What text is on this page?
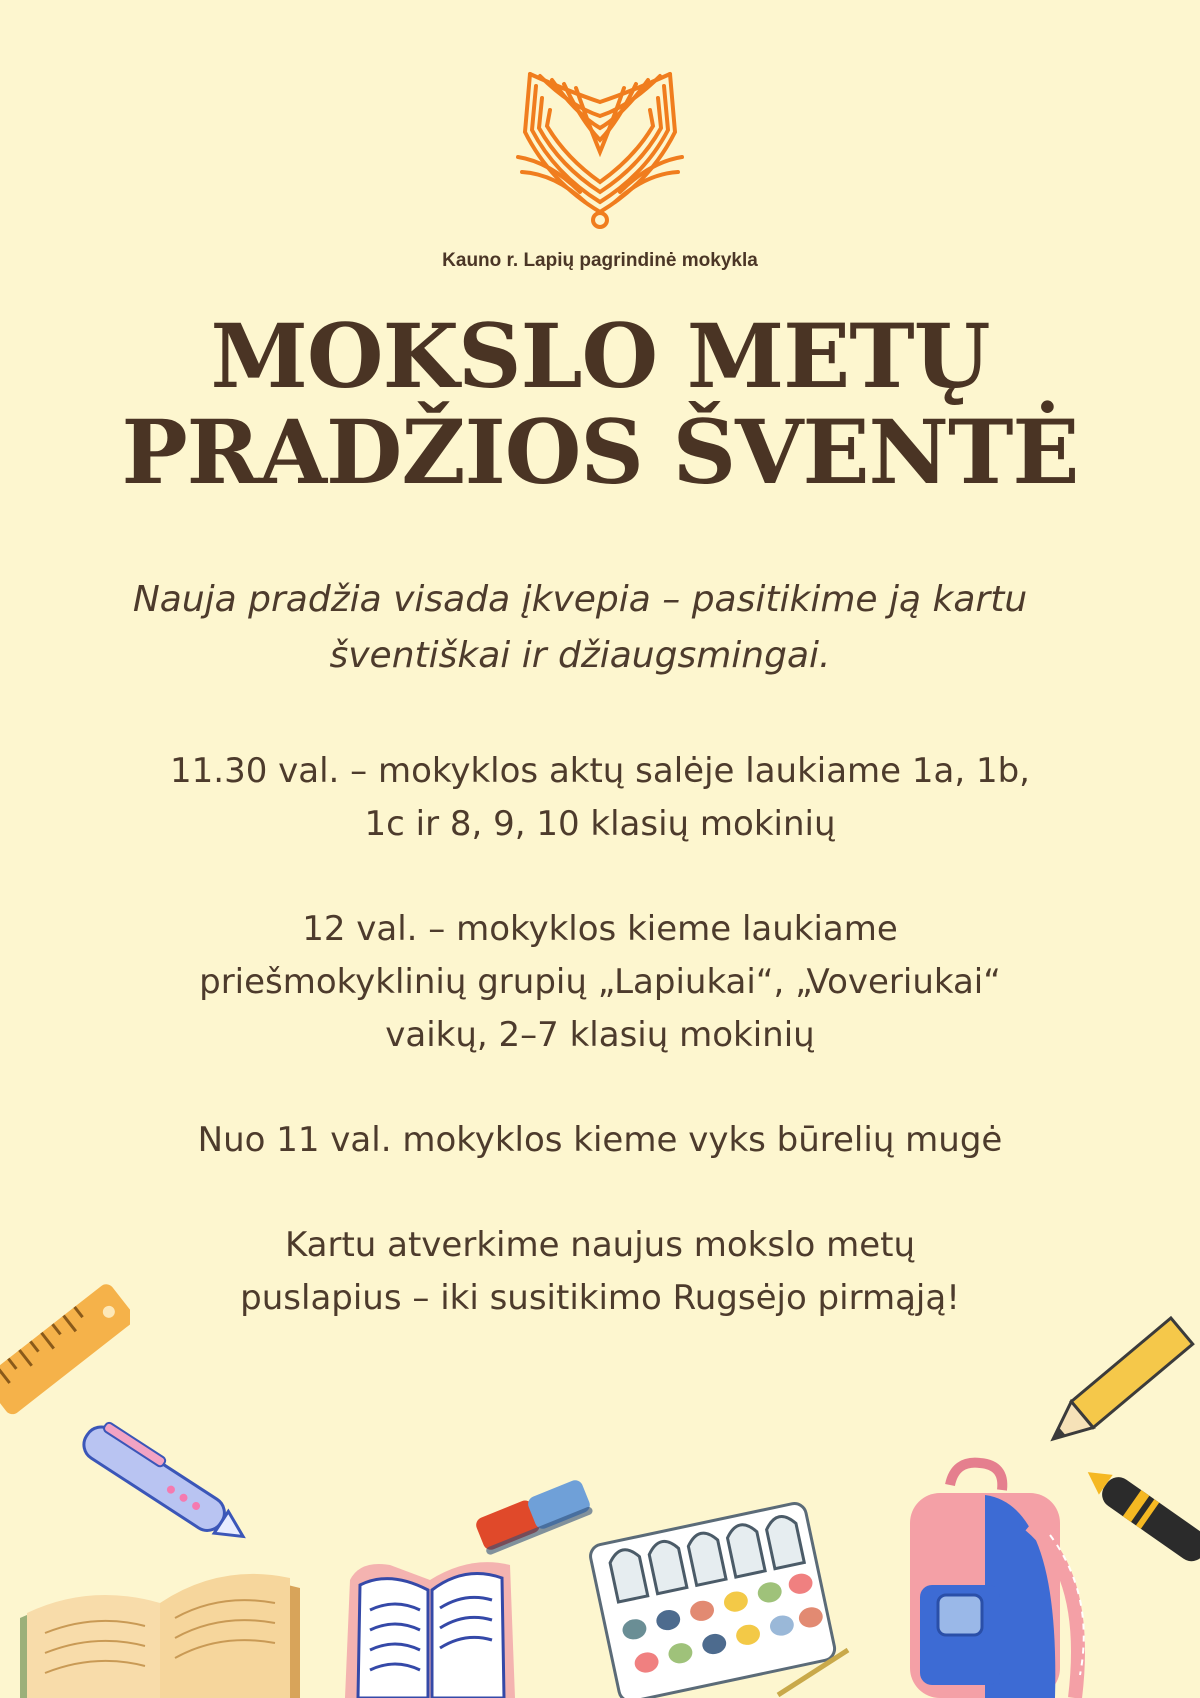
Kauno r. Lapių pagrindinė mokykla
MOKSLO METŲ
PRADŽIOS ŠVENTĖ
Nauja pradžia visada įkvepia – pasitikime ją kartu
šventiškai ir džiaugsmingai.

11.30 val. – mokyklos aktų salėje laukiame 1a, 1b,
1c ir 8, 9, 10 klasių mokinių

12 val. – mokyklos kieme laukiame
priešmokyklinių grupių „Lapiukai“, „Voveriukai“
vaikų, 2–7 klasių mokinių

Nuo 11 val. mokyklos kieme vyks būrelių mugė

Kartu atverkime naujus mokslo metų
puslapius – iki susitikimo Rugsėjo pirmąją!
